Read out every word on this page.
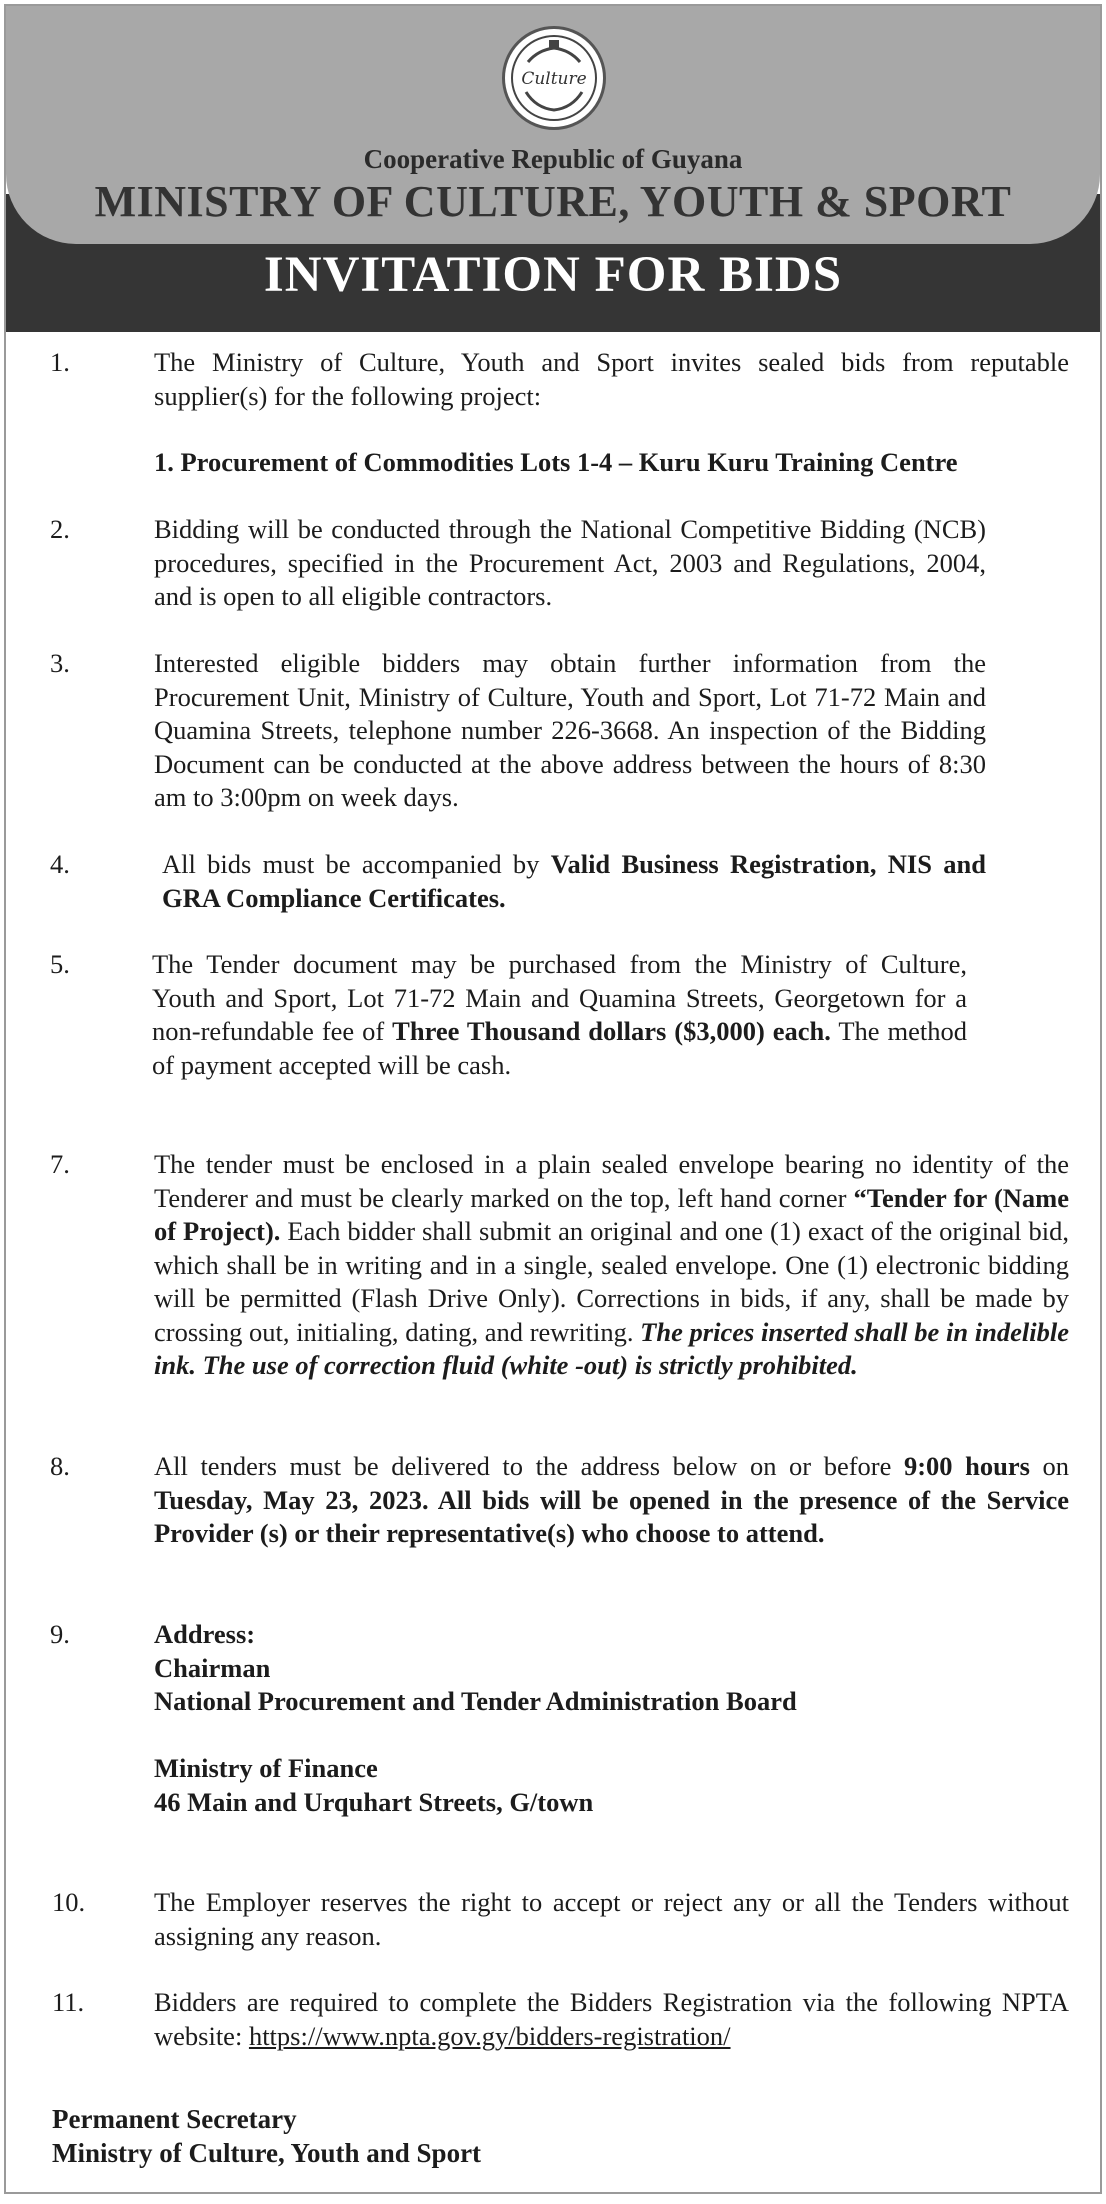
Culture
Cooperative Republic of Guyana
MINISTRY OF CULTURE, YOUTH & SPORT
INVITATION FOR BIDS
1.	The Ministry of Culture, Youth and Sport invites sealed bids from reputable supplier(s) for the following project:
1. Procurement of Commodities Lots 1-4 – Kuru Kuru Training Centre
2.	Bidding will be conducted through the National Competitive Bidding (NCB) procedures, specified in the Procurement Act, 2003 and Regulations, 2004, and is open to all eligible contractors.
3.	Interested eligible bidders may obtain further information from the Procurement Unit, Ministry of Culture, Youth and Sport, Lot 71-72 Main and Quamina Streets, telephone number 226-3668. An inspection of the Bidding Document can be conducted at the above address between the hours of 8:30 am to 3:00pm on week days.
4.	All bids must be accompanied by Valid Business Registration, NIS and GRA Compliance Certificates.
5.	The Tender document may be purchased from the Ministry of Culture, Youth and Sport, Lot 71-72 Main and Quamina Streets, Georgetown for a non-refundable fee of Three Thousand dollars ($3,000) each. The method of payment accepted will be cash.
7.	The tender must be enclosed in a plain sealed envelope bearing no identity of the Tenderer and must be clearly marked on the top, left hand corner “Tender for (Name of Project). Each bidder shall submit an original and one (1) exact of the original bid, which shall be in writing and in a single, sealed envelope. One (1) electronic bidding will be permitted (Flash Drive Only). Corrections in bids, if any, shall be made by crossing out, initialing, dating, and rewriting. The prices inserted shall be in indelible ink. The use of correction fluid (white -out) is strictly prohibited.
8.	All tenders must be delivered to the address below on or before 9:00 hours on Tuesday, May 23, 2023. All bids will be opened in the presence of the Service Provider (s) or their representative(s) who choose to attend.
9.	Address:
Chairman
National Procurement and Tender Administration Board

Ministry of Finance
46 Main and Urquhart Streets, G/town
10.	The Employer reserves the right to accept or reject any or all the Tenders without assigning any reason.
11.	Bidders are required to complete the Bidders Registration via the following NPTA website: https://www.npta.gov.gy/bidders-registration/
Permanent Secretary
Ministry of Culture, Youth and Sport
